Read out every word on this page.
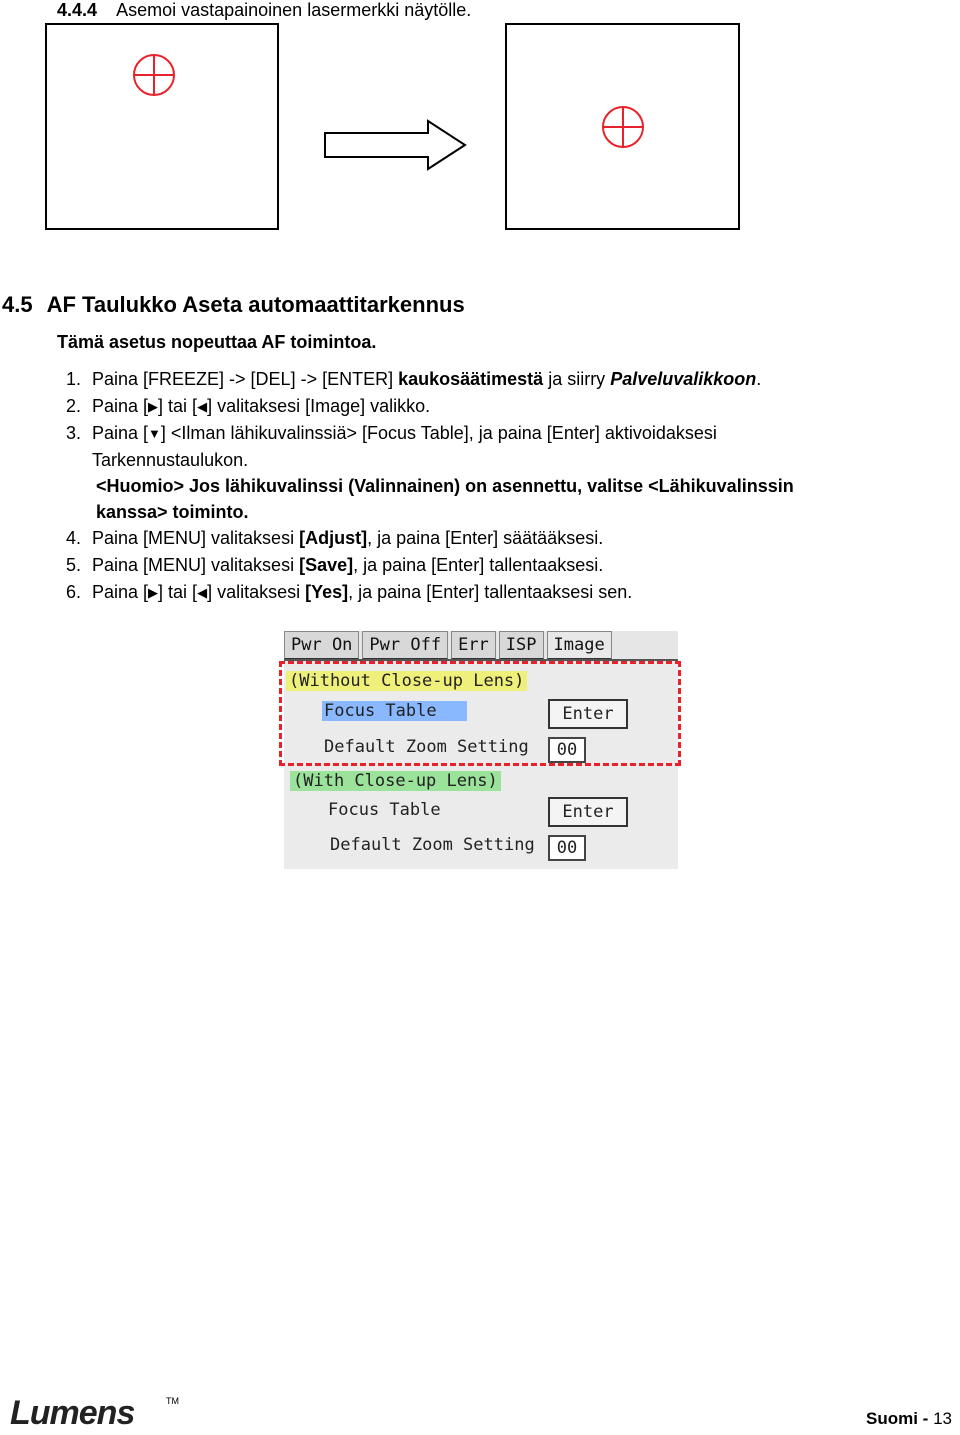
4.4.4 Asemoi vastapainoinen lasermerkki näytölle.
4.5 AF Taulukko Aseta automaattitarkennus
Tämä asetus nopeuttaa AF toimintoa.
1. Paina [FREEZE] -> [DEL] -> [ENTER] kaukosäätimestä ja siirry Palveluvalikkoon.
2. Paina [▶] tai [◀] valitaksesi [Image] valikko.
3. Paina [▼] <Ilman lähikuvalinssiä> [Focus Table], ja paina [Enter] aktivoidaksesi
Tarkennustaulukon.
<Huomio> Jos lähikuvalinssi (Valinnainen) on asennettu, valitse <Lähikuvalinssin
kanssa> toiminto.
4. Paina [MENU] valitaksesi [Adjust], ja paina [Enter] säätääksesi.
5. Paina [MENU] valitaksesi [Save], ja paina [Enter] tallentaaksesi.
6. Paina [▶] tai [◀] valitaksesi [Yes], ja paina [Enter] tallentaaksesi sen.
Pwr On	Pwr Off	Err	ISP	Image
(Without Close-up Lens)
Focus Table	Enter
Default Zoom Setting	00
(With Close-up Lens)
Focus Table	Enter
Default Zoom Setting	00
Lumens	TM
Suomi - 13
